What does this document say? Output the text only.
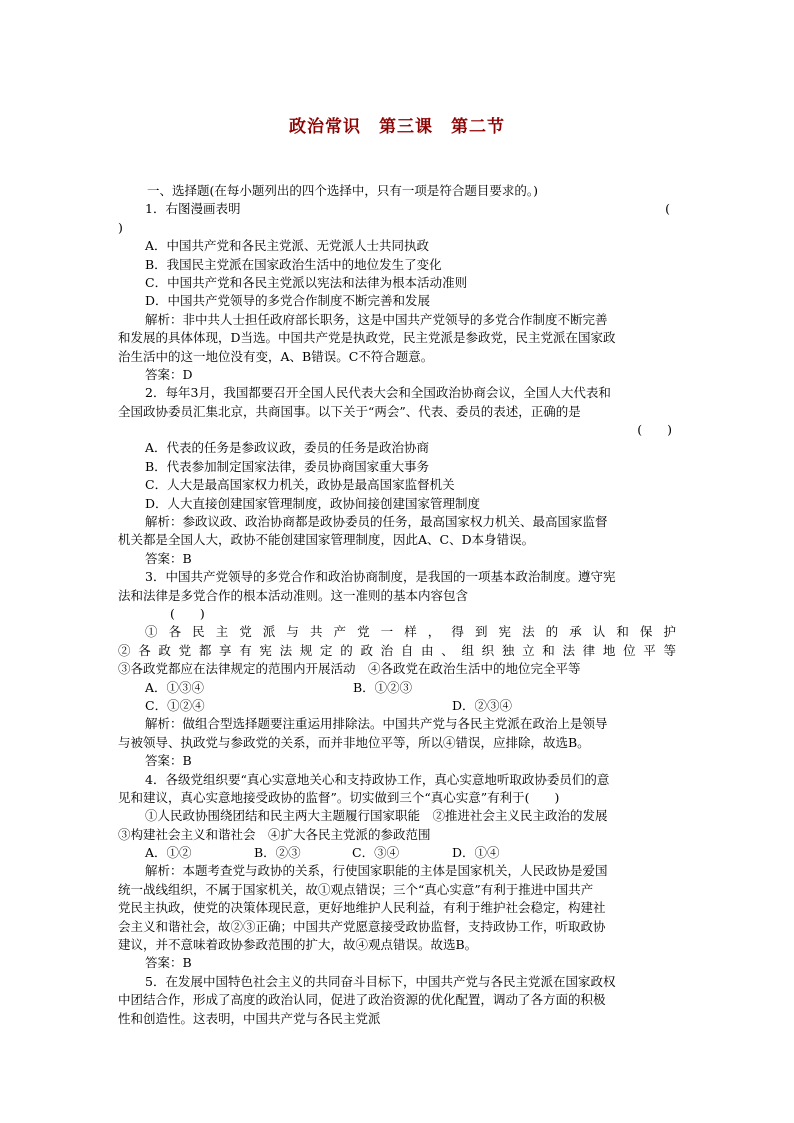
政治常识　第三课　第二节
一、选择题(在每小题列出的四个选择中，只有一项是符合题目要求的。)
1．右图漫画表明	(
)
A．中国共产党和各民主党派、无党派人士共同执政
B．我国民主党派在国家政治生活中的地位发生了变化
C．中国共产党和各民主党派以宪法和法律为根本活动准则
D．中国共产党领导的多党合作制度不断完善和发展
解析：非中共人士担任政府部长职务，这是中国共产党领导的多党合作制度不断完善
和发展的具体体现，D当选。中国共产党是执政党，民主党派是参政党，民主党派在国家政
治生活中的这一地位没有变，A、B错误。C不符合题意。
答案：D
2．每年3月，我国都要召开全国人民代表大会和全国政治协商会议，全国人大代表和
全国政协委员汇集北京，共商国事。以下关于“两会”、代表、委员的表述，正确的是
(　　)
A．代表的任务是参政议政，委员的任务是政治协商
B．代表参加制定国家法律，委员协商国家重大事务
C．人大是最高国家权力机关，政协是最高国家监督机关
D．人大直接创建国家管理制度，政协间接创建国家管理制度
解析：参政议政、政治协商都是政协委员的任务，最高国家权力机关、最高国家监督
机关都是全国人大，政协不能创建国家管理制度，因此A、C、D本身错误。
答案：B
3．中国共产党领导的多党合作和政治协商制度，是我国的一项基本政治制度。遵守宪
法和法律是多党合作的根本活动准则。这一准则的基本内容包含
(　　)
①各民主党派与共产党一样，得到宪法的承认和保护
②各政党都享有宪法规定的政治自由、组织独立和法律地位平等
③各政党都应在法律规定的范围内开展活动　④各政党在政治生活中的地位完全平等
A．①③④	B．①②③
C．①②④	D．②③④
解析：做组合型选择题要注重运用排除法。中国共产党与各民主党派在政治上是领导
与被领导、执政党与参政党的关系，而并非地位平等，所以④错误，应排除，故选B。
答案：B
4．各级党组织要“真心实意地关心和支持政协工作，真心实意地听取政协委员们的意
见和建议，真心实意地接受政协的监督”。切实做到三个“真心实意”有利于(　　)
①人民政协围绕团结和民主两大主题履行国家职能　②推进社会主义民主政治的发展
③构建社会主义和谐社会　④扩大各民主党派的参政范围
A．①②	B．②③	C．③④	D．①④
解析：本题考查党与政协的关系，行使国家职能的主体是国家机关，人民政协是爱国
统一战线组织，不属于国家机关，故①观点错误；三个“真心实意”有利于推进中国共产
党民主执政，使党的决策体现民意，更好地维护人民利益，有利于维护社会稳定，构建社
会主义和谐社会，故②③正确；中国共产党愿意接受政协监督，支持政协工作，听取政协
建议，并不意味着政协参政范围的扩大，故④观点错误。故选B。
答案：B
5．在发展中国特色社会主义的共同奋斗目标下，中国共产党与各民主党派在国家政权
中团结合作，形成了高度的政治认同，促进了政治资源的优化配置，调动了各方面的积极
性和创造性。这表明，中国共产党与各民主党派
